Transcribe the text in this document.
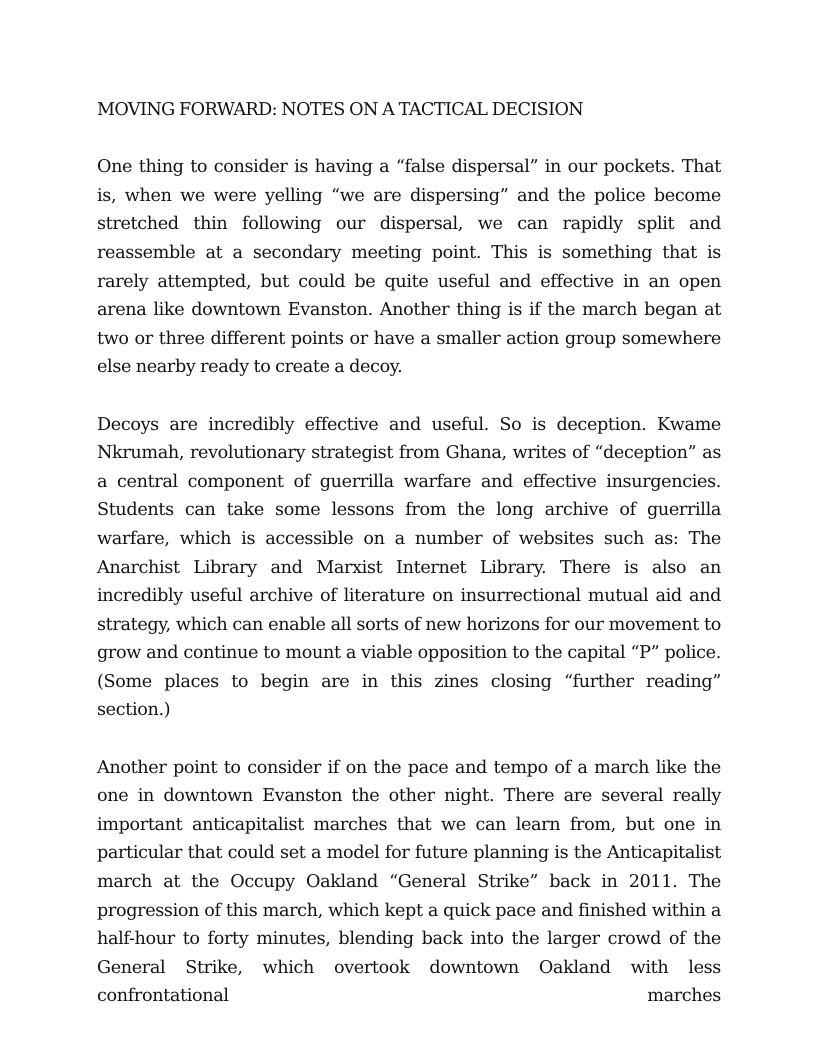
MOVING FORWARD: NOTES ON A TACTICAL DECISION

One thing to consider is having a “false dispersal” in our pockets. That is, when we were yelling “we are dispersing” and the police become stretched thin following our dispersal, we can rapidly split and reassemble at a secondary meeting point. This is something that is rarely attempted, but could be quite useful and effective in an open arena like downtown Evanston. Another thing is if the march began at two or three different points or have a smaller action group somewhere else nearby ready to create a decoy.

Decoys are incredibly effective and useful. So is deception. Kwame Nkrumah, revolutionary strategist from Ghana, writes of “deception” as a central component of guerrilla warfare and effective insurgencies. Students can take some lessons from the long archive of guerrilla warfare, which is accessible on a number of websites such as: The Anarchist Library and Marxist Internet Library. There is also an incredibly useful archive of literature on insurrectional mutual aid and strategy, which can enable all sorts of new horizons for our movement to grow and continue to mount a viable opposition to the capital “P” police. (Some places to begin are in this zines closing “further reading” section.)

Another point to consider if on the pace and tempo of a march like the one in downtown Evanston the other night. There are several really important anticapitalist marches that we can learn from, but one in particular that could set a model for future planning is the Anticapitalist march at the Occupy Oakland “General Strike” back in 2011. The progression of this march, which kept a quick pace and finished within a half-hour to forty minutes, blending back into the larger crowd of the General Strike, which overtook downtown Oakland with less confrontational marches
